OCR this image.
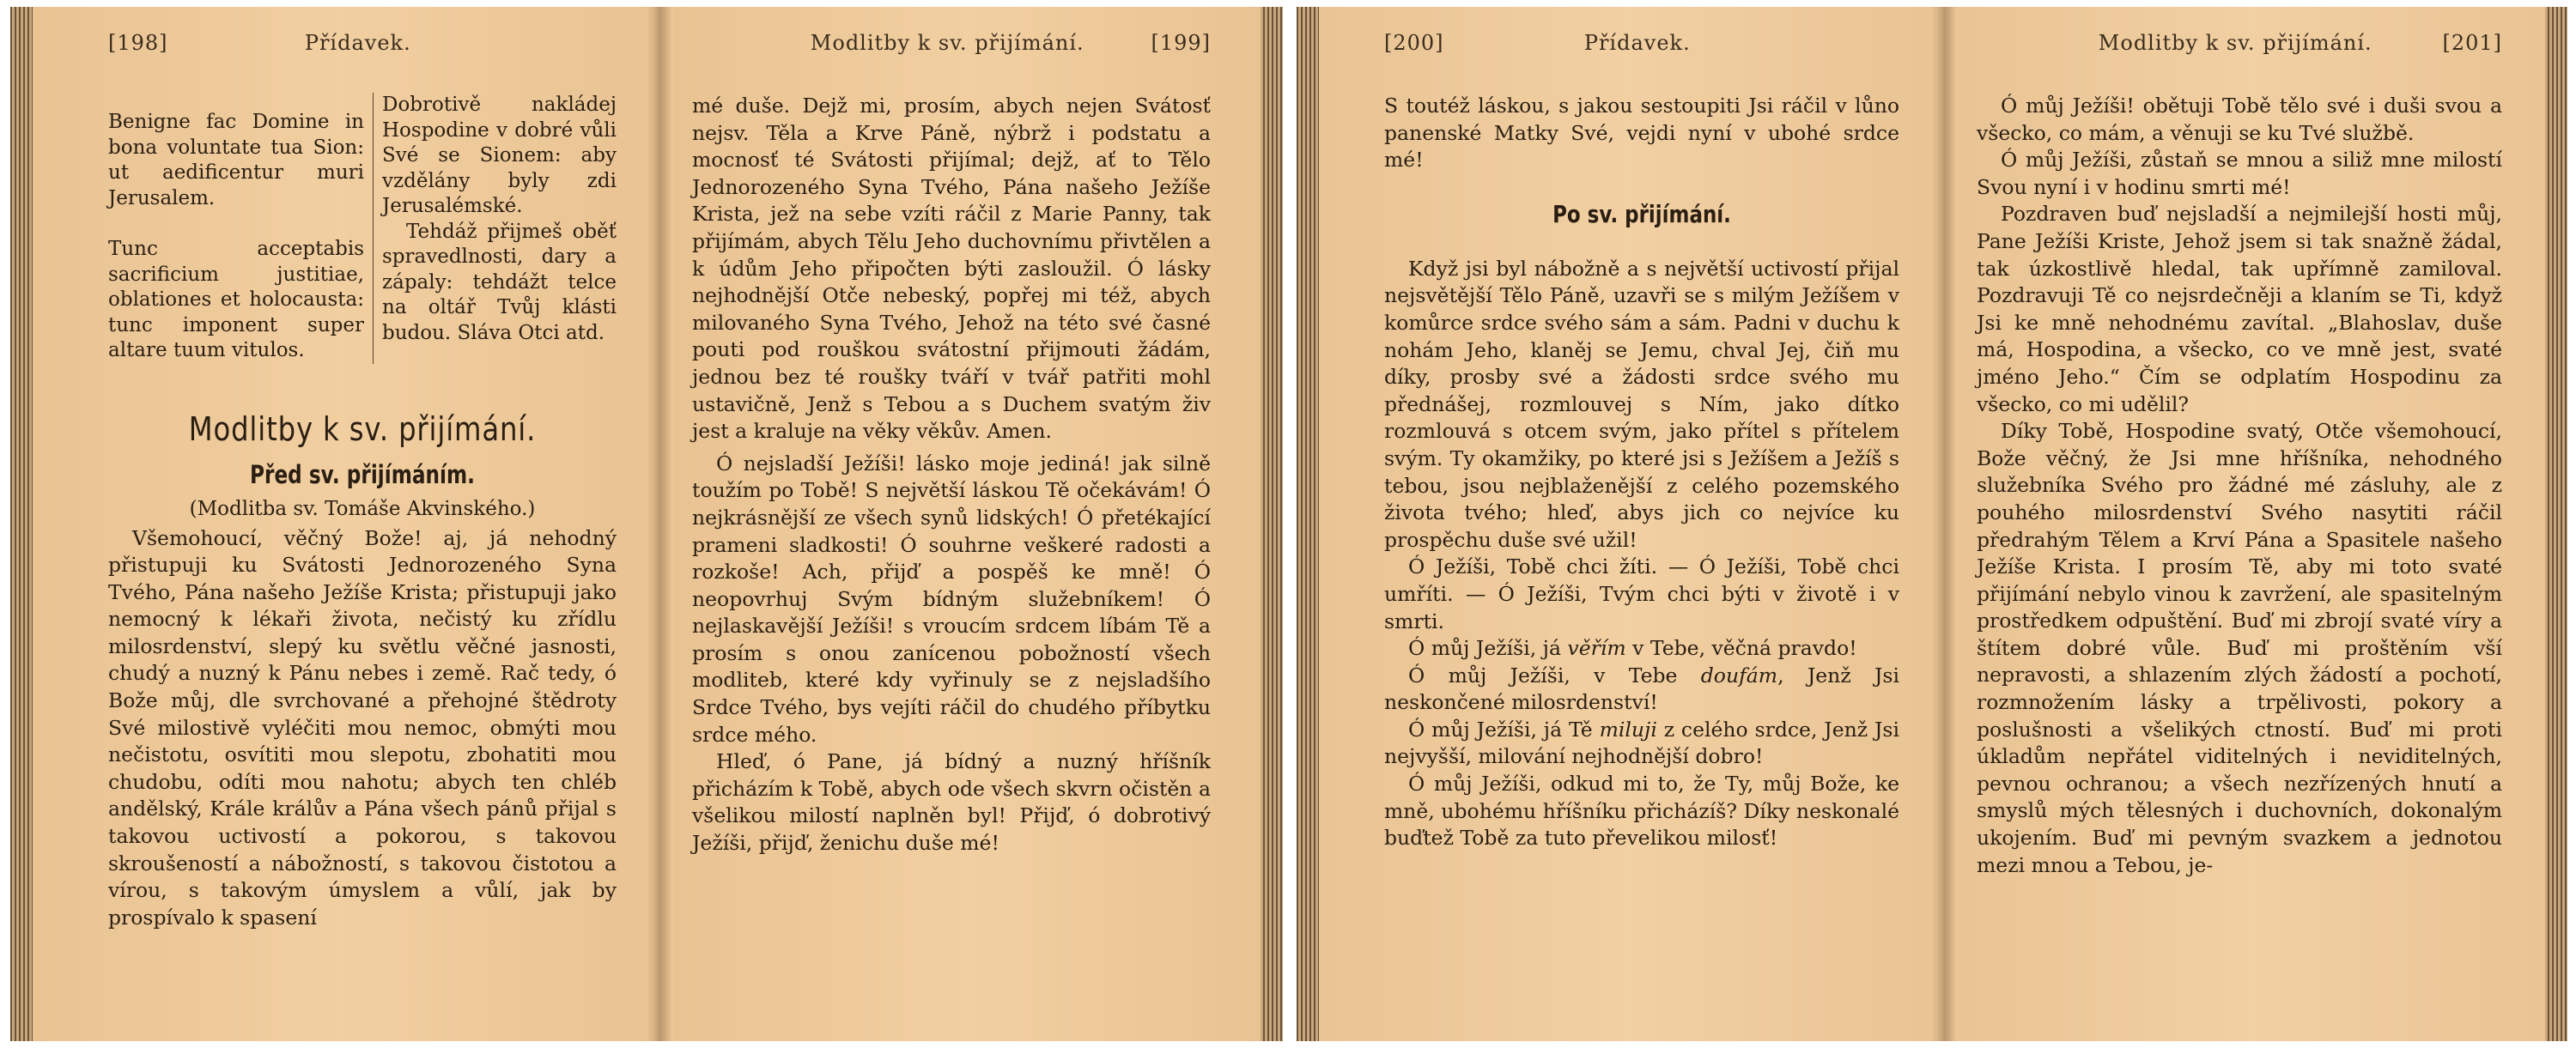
[198]	Přídavek.

Benigne fac Domine in bona voluntate tua Sion: ut aedificentur muri Jerusalem.

Tunc acceptabis sacrificium justitiae, oblationes et holocausta: tunc imponent super altare tuum vitulos.

Dobrotivě nakládej Hospodine v dobré vůli Své se Sionem: aby vzdělány byly zdi Jerusalémské.

Tehdáž přijmeš oběť spravedlnosti, dary a zápaly: tehdážt telce na oltář Tvůj klásti budou. Sláva Otci atd.

Modlitby k sv. přijímání.
Před sv. přijímáním.
(Modlitba sv. Tomáše Akvinského.)

Všemohoucí, věčný Bože! aj, já nehodný přistupuji ku Svátosti Jednorozeného Syna Tvého, Pána našeho Ježíše Krista; přistupuji jako nemocný k lékaři života, nečistý ku zřídlu milosrdenství, slepý ku světlu věčné jasnosti, chudý a nuzný k Pánu nebes i země. Rač tedy, ó Bože můj, dle svrchované a přehojné štědroty Své milostivě vyléčiti mou nemoc, obmýti mou nečistotu, osvítiti mou slepotu, zbohatiti mou chudobu, odíti mou nahotu; abych ten chléb andělský, Krále králův a Pána všech pánů přijal s takovou uctivostí a pokorou, s takovou skroušeností a nábožností, s takovou čistotou a vírou, s takovým úmyslem a vůlí, jak by prospívalo k spasení

Modlitby k sv. přijímání.	[199]

mé duše. Dejž mi, prosím, abych nejen Svátosť nejsv. Těla a Krve Páně, nýbrž i podstatu a mocnosť té Svátosti přijímal; dejž, ať to Tělo Jednorozeného Syna Tvého, Pána našeho Ježíše Krista, jež na sebe vzíti ráčil z Marie Panny, tak přijímám, abych Tělu Jeho duchovnímu přivtělen a k údům Jeho připočten býti zasloužil. Ó lásky nejhodnější Otče nebeský, popřej mi též, abych milovaného Syna Tvého, Jehož na této své časné pouti pod rouškou svátostní přijmouti žádám, jednou bez té roušky tváří v tvář patřiti mohl ustavičně, Jenž s Tebou a s Duchem svatým živ jest a kraluje na věky věkův. Amen.

Ó nejsladší Ježíši! lásko moje jediná! jak silně toužím po Tobě! S největší láskou Tě očekávám! Ó nejkrásnější ze všech synů lidských! Ó přetékající prameni sladkosti! Ó souhrne veškeré radosti a rozkoše! Ach, přijď a pospěš ke mně! Ó neopovrhuj Svým bídným služebníkem! Ó nejlaskavější Ježíši! s vroucím srdcem líbám Tě a prosím s onou zanícenou pobožností všech modliteb, které kdy vyřinuly se z nejsladšího Srdce Tvého, bys vejíti ráčil do chudého příbytku srdce mého.

Hleď, ó Pane, já bídný a nuzný hříšník přicházím k Tobě, abych ode všech skvrn očistěn a všelikou milostí naplněn byl! Přijď, ó dobrotivý Ježíši, přijď, ženichu duše mé!

[200]	Přídavek.

S toutéž láskou, s jakou sestoupiti Jsi ráčil v lůno panenské Matky Své, vejdi nyní v ubohé srdce mé!

Po sv. přijímání.

Když jsi byl nábožně a s největší uctivostí přijal nejsvětější Tělo Páně, uzavři se s milým Ježíšem v komůrce srdce svého sám a sám. Padni v duchu k nohám Jeho, klaněj se Jemu, chval Jej, čiň mu díky, prosby své a žádosti srdce svého mu přednášej, rozmlouvej s Ním, jako dítko rozmlouvá s otcem svým, jako přítel s přítelem svým. Ty okamžiky, po které jsi s Ježíšem a Ježíš s tebou, jsou nejblaženější z celého pozemského života tvého; hleď, abys jich co nejvíce ku prospěchu duše své užil!

Ó Ježíši, Tobě chci žíti. — Ó Ježíši, Tobě chci umříti. — Ó Ježíši, Tvým chci býti v životě i v smrti.

Ó můj Ježíši, já věřím v Tebe, věčná pravdo!

Ó můj Ježíši, v Tebe doufám, Jenž Jsi neskončené milosrdenství!

Ó můj Ježíši, já Tě miluji z celého srdce, Jenž Jsi nejvyšší, milování nejhodnější dobro!

Ó můj Ježíši, odkud mi to, že Ty, můj Bože, ke mně, ubohému hříšníku přicházíš? Díky neskonalé buďtež Tobě za tuto převelikou milosť!

Modlitby k sv. přijímání.	[201]

Ó můj Ježíši! obětuji Tobě tělo své i duši svou a všecko, co mám, a věnuji se ku Tvé službě.

Ó můj Ježíši, zůstaň se mnou a siliž mne milostí Svou nyní i v hodinu smrti mé!

Pozdraven buď nejsladší a nejmilejší hosti můj, Pane Ježíši Kriste, Jehož jsem si tak snažně žádal, tak úzkostlivě hledal, tak upřímně zamiloval. Pozdravuji Tě co nejsrdečněji a klaním se Ti, když Jsi ke mně nehodnému zavítal. „Blahoslav, duše má, Hospodina, a všecko, co ve mně jest, svaté jméno Jeho.“ Čím se odplatím Hospodinu za všecko, co mi udělil?

Díky Tobě, Hospodine svatý, Otče všemohoucí, Bože věčný, že Jsi mne hříšníka, nehodného služebníka Svého pro žádné mé zásluhy, ale z pouhého milosrdenství Svého nasytiti ráčil předrahým Tělem a Krví Pána a Spasitele našeho Ježíše Krista. I prosím Tě, aby mi toto svaté přijímání nebylo vinou k zavržení, ale spasitelným prostředkem odpuštění. Buď mi zbrojí svaté víry a štítem dobré vůle. Buď mi proštěním vší nepravosti, a shlazením zlých žádostí a pochotí, rozmnožením lásky a trpělivosti, pokory a poslušnosti a všelikých ctností. Buď mi proti úkladům nepřátel viditelných i neviditelných, pevnou ochranou; a všech nezřízených hnutí a smyslů mých tělesných i duchovních, dokonalým ukojením. Buď mi pevným svazkem a jednotou mezi mnou a Tebou, je-
